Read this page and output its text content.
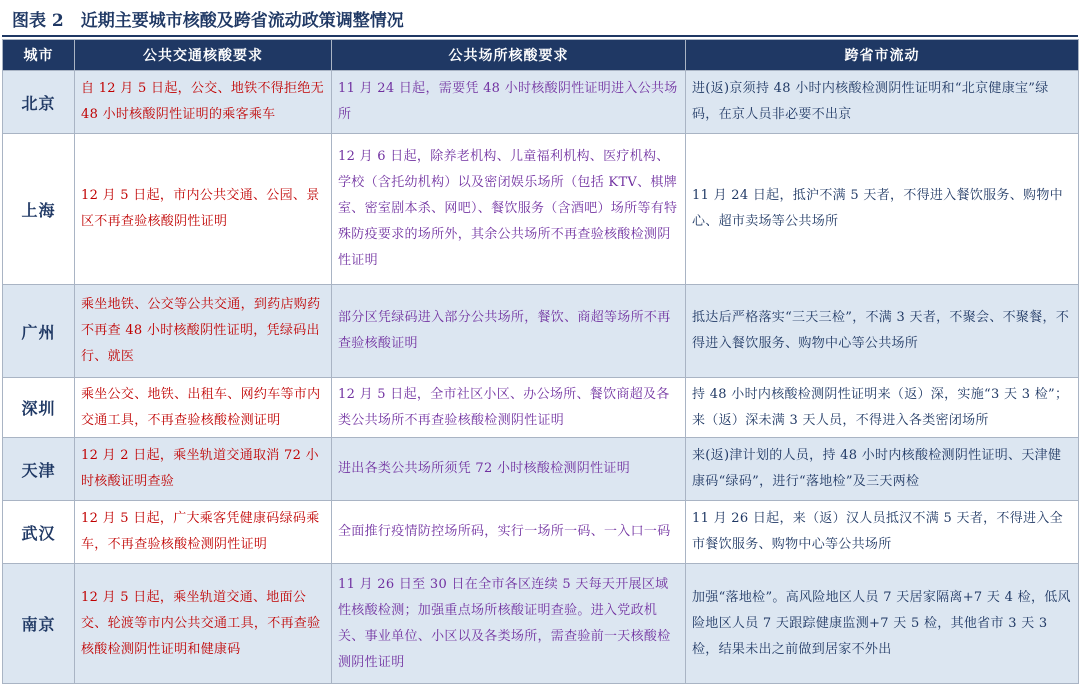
图表 2　近期主要城市核酸及跨省流动政策调整情况
城市	公共交通核酸要求	公共场所核酸要求	跨省市流动
北京	自 12 月 5 日起，公交、地铁不得拒绝无 48 小时核酸阴性证明的乘客乘车	11 月 24 日起，需要凭 48 小时核酸阴性证明进入公共场所	进(返)京须持 48 小时内核酸检测阴性证明和“北京健康宝”绿码，在京人员非必要不出京
上海	12 月 5 日起，市内公共交通、公园、景区不再查验核酸阴性证明	12 月 6 日起，除养老机构、儿童福利机构、医疗机构、学校（含托幼机构）以及密闭娱乐场所（包括 KTV、棋牌室、密室剧本杀、网吧）、餐饮服务（含酒吧）场所等有特殊防疫要求的场所外，其余公共场所不再查验核酸检测阴性证明	11 月 24 日起，抵沪不满 5 天者，不得进入餐饮服务、购物中心、超市卖场等公共场所
广州	乘坐地铁、公交等公共交通，到药店购药不再查 48 小时核酸阴性证明，凭绿码出行、就医	部分区凭绿码进入部分公共场所，餐饮、商超等场所不再查验核酸证明	抵达后严格落实“三天三检”，不满 3 天者，不聚会、不聚餐，不得进入餐饮服务、购物中心等公共场所
深圳	乘坐公交、地铁、出租车、网约车等市内交通工具，不再查验核酸检测证明	12 月 5 日起，全市社区小区、办公场所、餐饮商超及各类公共场所不再查验核酸检测阴性证明	持 48 小时内核酸检测阴性证明来（返）深，实施“3 天 3 检”；来（返）深未满 3 天人员，不得进入各类密闭场所
天津	12 月 2 日起，乘坐轨道交通取消 72 小时核酸证明查验	进出各类公共场所须凭 72 小时核酸检测阴性证明	来(返)津计划的人员，持 48 小时内核酸检测阴性证明、天津健康码“绿码”，进行“落地检”及三天两检
武汉	12 月 5 日起，广大乘客凭健康码绿码乘车，不再查验核酸检测阴性证明	全面推行疫情防控场所码，实行一场所一码、一入口一码	11 月 26 日起，来（返）汉人员抵汉不满 5 天者，不得进入全市餐饮服务、购物中心等公共场所
南京	12 月 5 日起，乘坐轨道交通、地面公交、轮渡等市内公共交通工具，不再查验核酸检测阴性证明和健康码	11 月 26 日至 30 日在全市各区连续 5 天每天开展区域性核酸检测；加强重点场所核酸证明查验。进入党政机关、事业单位、小区以及各类场所，需查验前一天核酸检测阴性证明	加强“落地检”。高风险地区人员 7 天居家隔离+7 天 4 检，低风险地区人员 7 天跟踪健康监测+7 天 5 检，其他省市 3 天 3 检，结果未出之前做到居家不外出
